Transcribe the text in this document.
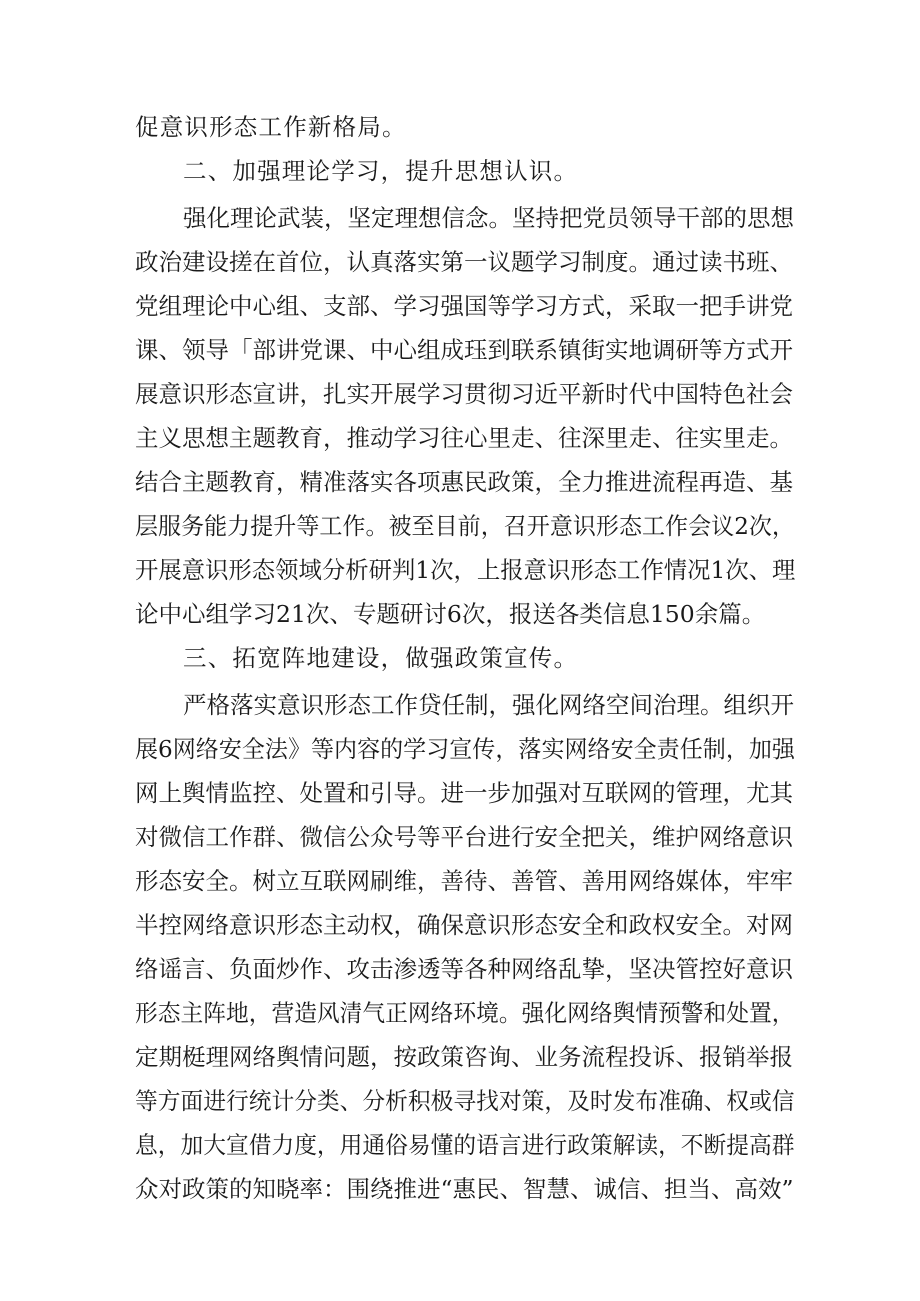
促意识形态工作新格局。
二、加强理论学习，提升思想认识。
强化理论武装，坚定理想信念。坚持把党员领导干部的思想
政治建设搓在首位，认真落实第一议题学习制度。通过读书班、
党组理论中心组、支部、学习强国等学习方式，采取一把手讲党
课、领导「部讲党课、中心组成珏到联系镇街实地调研等方式开
展意识形态宣讲，扎实开展学习贯彻习近平新时代中国特色社会
主义思想主题教育，推动学习往心里走、往深里走、往实里走。
结合主题教育，精准落实各项惠民政策，全力推进流程再造、基
层服务能力提升等工作。被至目前，召开意识形态工作会议2次，
开展意识形态领域分析研判1次，上报意识形态工作情况1次、理
论中心组学习21次、专题研讨6次，报送各类信息150余篇。
三、拓宽阵地建设，做强政策宣传。
严格落实意识形态工作贷任制，强化网络空间治理。组织开
展6网络安全法》等内容的学习宣传，落实网络安全责任制，加强
网上舆情监控、处置和引导。进一步加强对互联网的管理，尤其
对微信工作群、微信公众号等平台进行安全把关，维护网络意识
形态安全。树立互联网刷维，善待、善管、善用网络媒体，牢牢
半控网络意识形态主动权，确保意识形态安全和政权安全。对网
络谣言、负面炒作、攻击渗透等各种网络乱挚，坚决管控好意识
形态主阵地，营造风清气正网络环境。强化网络舆情预警和处置，
定期梃理网络舆情问题，按政策咨询、业务流程投诉、报销举报
等方面进行统计分类、分析积极寻找对策，及时发布准确、权或信
息，加大宣借力度，用通俗易懂的语言进行政策解读，不断提高群
众对政策的知晓率：围绕推进“惠民、智慧、诚信、担当、高效”
